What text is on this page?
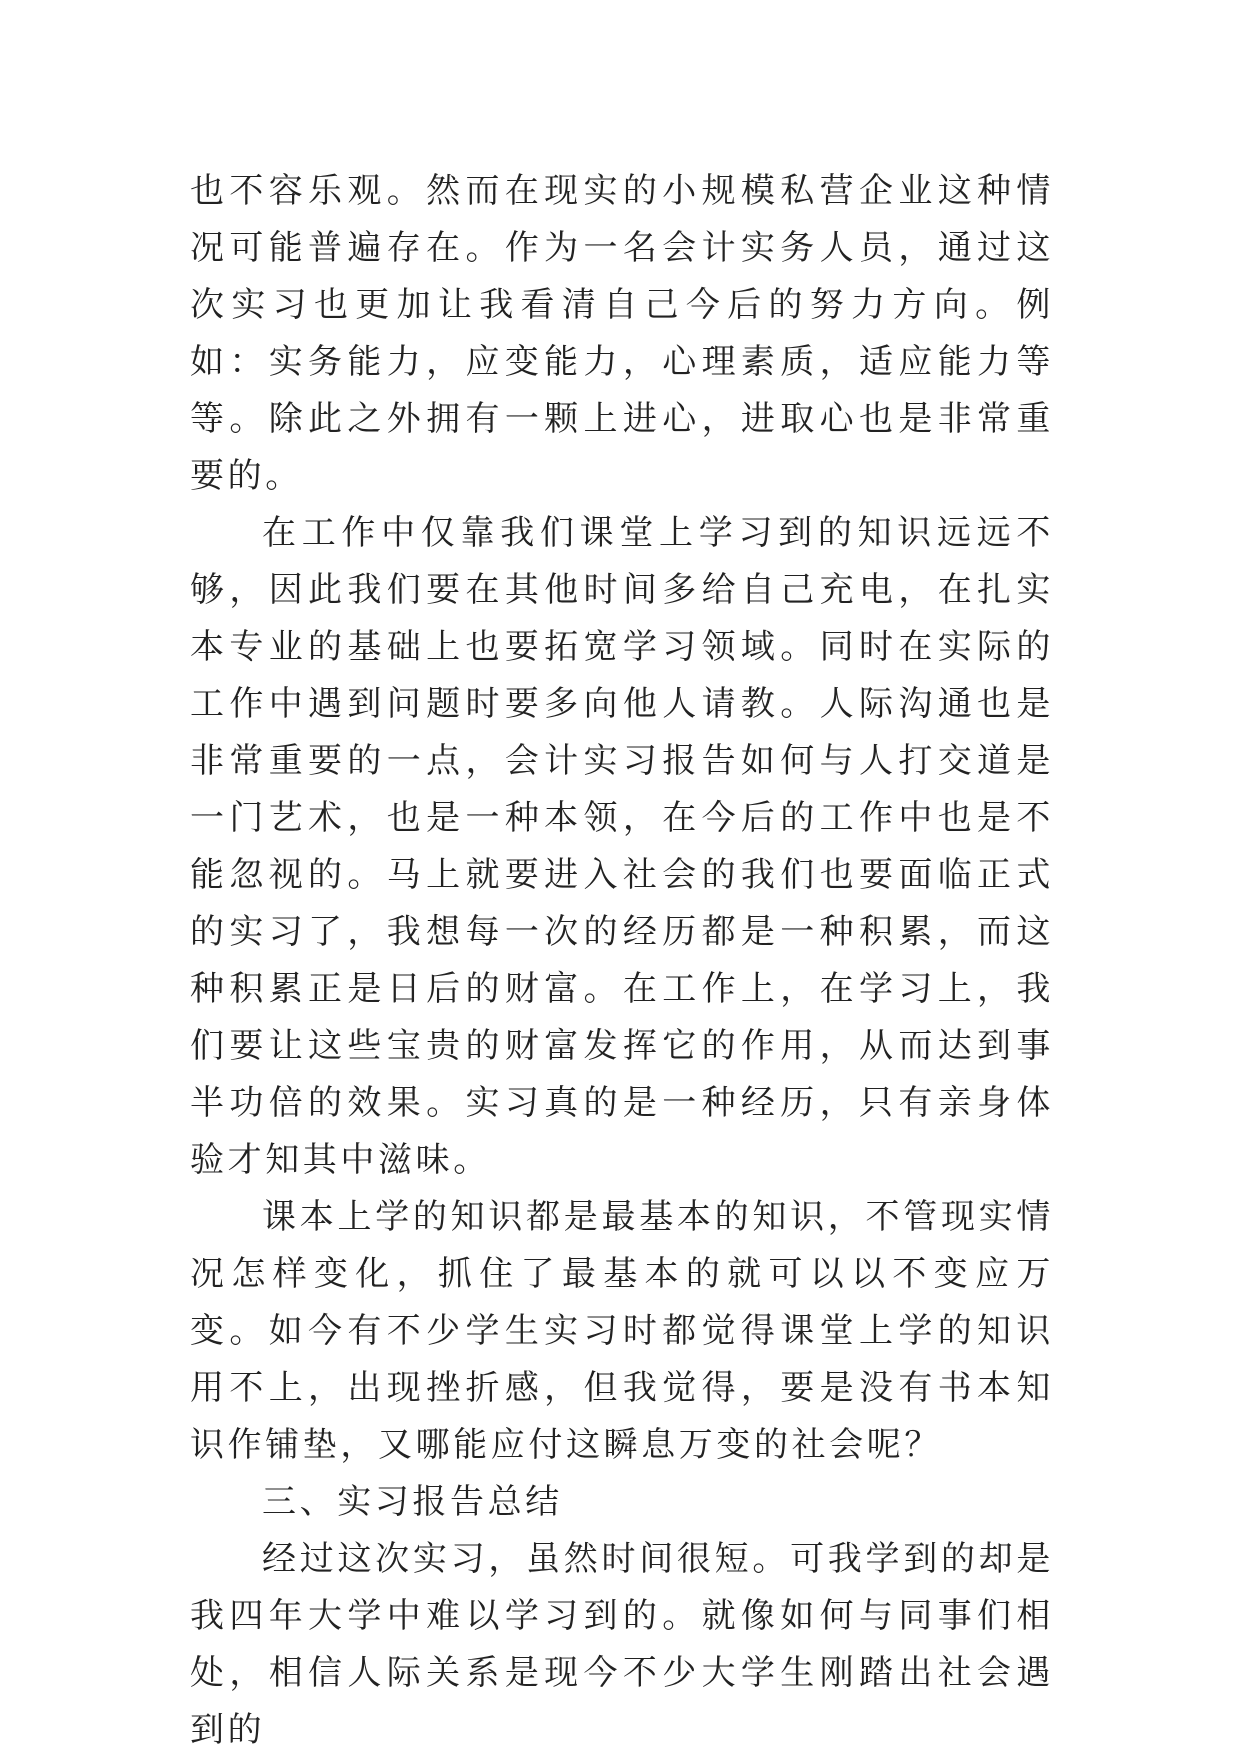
也不容乐观。然而在现实的小规模私营企业这种情况可能普遍存在。作为一名会计实务人员，通过这次实习也更加让我看清自己今后的努力方向。例如：实务能力，应变能力，心理素质，适应能力等等。除此之外拥有一颗上进心，进取心也是非常重要的。

在工作中仅靠我们课堂上学习到的知识远远不够，因此我们要在其他时间多给自己充电，在扎实本专业的基础上也要拓宽学习领域。同时在实际的工作中遇到问题时要多向他人请教。人际沟通也是非常重要的一点，会计实习报告如何与人打交道是一门艺术，也是一种本领，在今后的工作中也是不能忽视的。马上就要进入社会的我们也要面临正式的实习了，我想每一次的经历都是一种积累，而这种积累正是日后的财富。在工作上，在学习上，我们要让这些宝贵的财富发挥它的作用，从而达到事半功倍的效果。实习真的是一种经历，只有亲身体验才知其中滋味。

课本上学的知识都是最基本的知识，不管现实情况怎样变化，抓住了最基本的就可以以不变应万变。如今有不少学生实习时都觉得课堂上学的知识用不上，出现挫折感，但我觉得，要是没有书本知识作铺垫，又哪能应付这瞬息万变的社会呢？

三、实习报告总结

经过这次实习，虽然时间很短。可我学到的却是我四年大学中难以学习到的。就像如何与同事们相处，相信人际关系是现今不少大学生刚踏出社会遇到的
